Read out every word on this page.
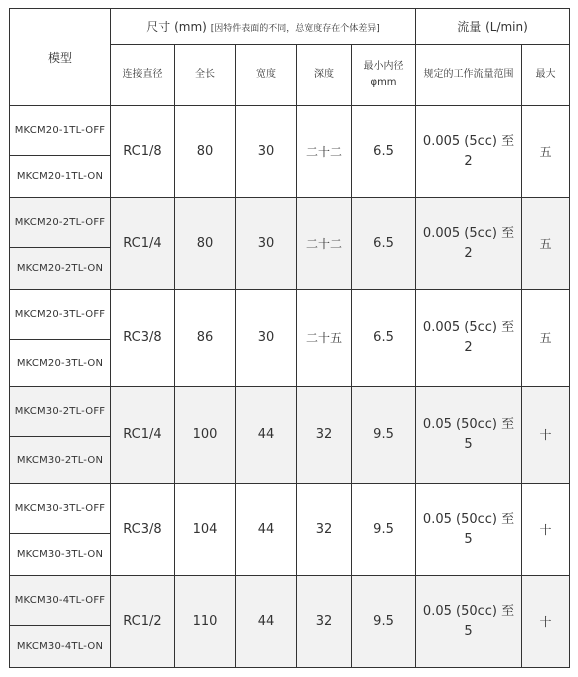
模型	尺寸 (mm) [因特件表面的不同，总宽度存在个体差异]					流量 (L/min)	
	连接直径	全长	宽度	深度	最小内径φmm	规定的工作流量范围	最大
MKCM20-1TL-OFF	RC1/8	80	30	二十二	6.5	0.005 (5cc) 至 2	五
MKCM20-1TL-ON							
MKCM20-2TL-OFF	RC1/4	80	30	二十二	6.5	0.005 (5cc) 至 2	五
MKCM20-2TL-ON							
MKCM20-3TL-OFF	RC3/8	86	30	二十五	6.5	0.005 (5cc) 至 2	五
MKCM20-3TL-ON							
MKCM30-2TL-OFF	RC1/4	100	44	32	9.5	0.05 (50cc) 至 5	十
MKCM30-2TL-ON							
MKCM30-3TL-OFF	RC3/8	104	44	32	9.5	0.05 (50cc) 至 5	十
MKCM30-3TL-ON							
MKCM30-4TL-OFF	RC1/2	110	44	32	9.5	0.05 (50cc) 至 5	十
MKCM30-4TL-ON							
